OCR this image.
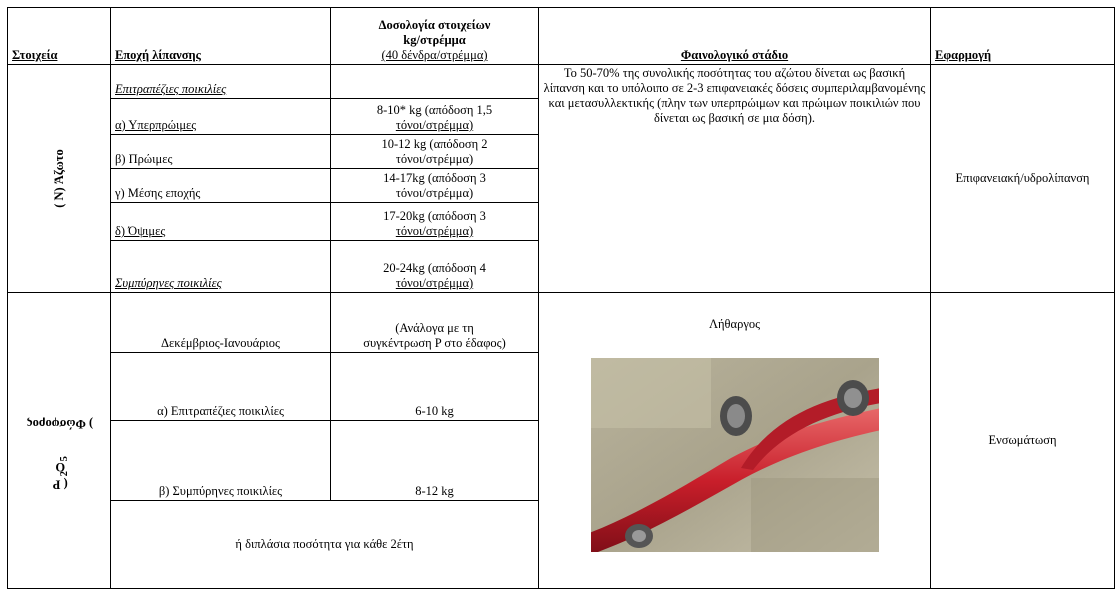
Στοιχεία	Εποχή λίπανσης	Δοσολογία στοιχείων
kg/στρέμμα
(40 δένδρα/στρέμμα)	Φαινολογικό στάδιο	Εφαρμογή
( N) Άζωτο	Επιτραπέζιες ποικιλίες		Το 50-70% της συνολικής ποσότητας του αζώτου δίνεται ως βασική λίπανση και το υπόλοιπο σε 2-3 επιφανειακές δόσεις συμπεριλαμβανομένης και μετασυλλεκτικής (πλην των υπερπρώιμων και πρώιμων ποικιλιών που δίνεται ως βασική σε μια δόση).	Επιφανειακή/υδρολίπανση
	α) Υπερπρώιμες	8-10* kg (απόδοση 1,5
τόνοι/στρέμμα)		
	β) Πρώιμες	10-12 kg (απόδοση 2
τόνοι/στρέμμα)		
	γ) Μέσης εποχής	14-17kg (απόδοση 3
τόνοι/στρέμμα)		
	δ) Όψιμες	17-20kg (απόδοση 3
τόνοι/στρέμμα)		
	Συμπύρηνες ποικιλίες	20-24kg (απόδοση 4
τόνοι/στρέμμα)		
( $P_2O_5$) Φώσφορος	Δεκέμβριος-Ιανουάριος	(Ανάλογα με τη
συγκέντρωση P στο έδαφος)	Λήθαργος	Ενσωμάτωση
	α) Επιτραπέζιες ποικιλίες	6-10 kg		
	β) Συμπύρηνες ποικιλίες	8-12 kg		
	ή διπλάσια ποσότητα για κάθε 2έτη			
